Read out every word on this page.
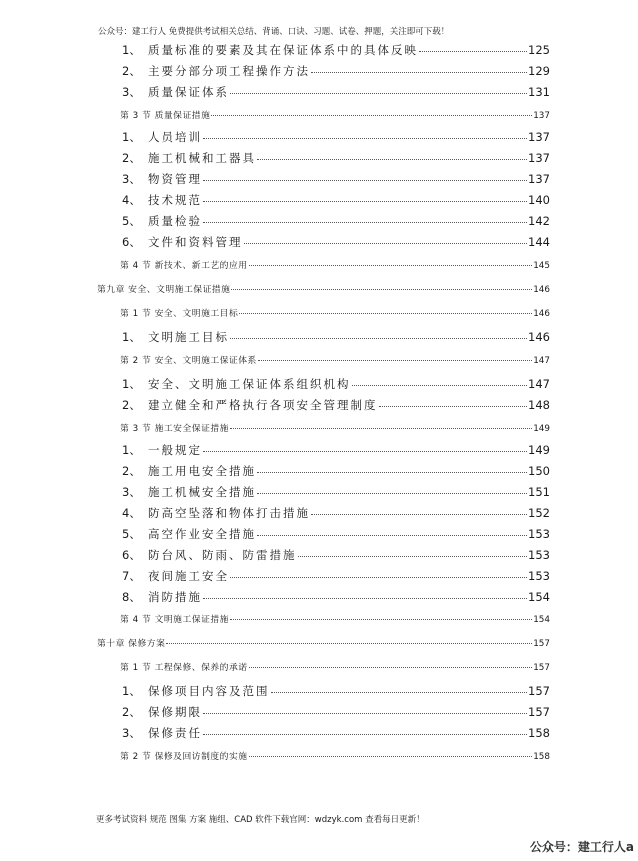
公众号：建工行人 免费提供考试相关总结、背诵、口诀、习题、试卷、押题，关注即可下载！
1、 质量标准的要素及其在保证体系中的具体反映	125
2、 主要分部分项工程操作方法	129
3、 质量保证体系	131
第 3 节 质量保证措施	137
1、 人员培训	137
2、 施工机械和工器具	137
3、 物资管理	137
4、 技术规范	140
5、 质量检验	142
6、 文件和资料管理	144
第 4 节 新技术、新工艺的应用	145
第九章 安全、文明施工保证措施	146
第 1 节 安全、文明施工目标	146
1、 文明施工目标	146
第 2 节 安全、文明施工保证体系	147
1、 安全、文明施工保证体系组织机构	147
2、 建立健全和严格执行各项安全管理制度	148
第 3 节 施工安全保证措施	149
1、 一般规定	149
2、 施工用电安全措施	150
3、 施工机械安全措施	151
4、 防高空坠落和物体打击措施	152
5、 高空作业安全措施	153
6、 防台风、防雨、防雷措施	153
7、 夜间施工安全	153
8、 消防措施	154
第 4 节 文明施工保证措施	154
第十章 保修方案	157
第 1 节 工程保修、保养的承诺	157
1、 保修项目内容及范围	157
2、 保修期限	157
3、 保修责任	158
第 2 节 保修及回访制度的实施	158
更多考试资料 规范 图集 方案 施组、CAD 软件下载官网：wdzyk.com 查看每日更新！
公众号：建工行人a
